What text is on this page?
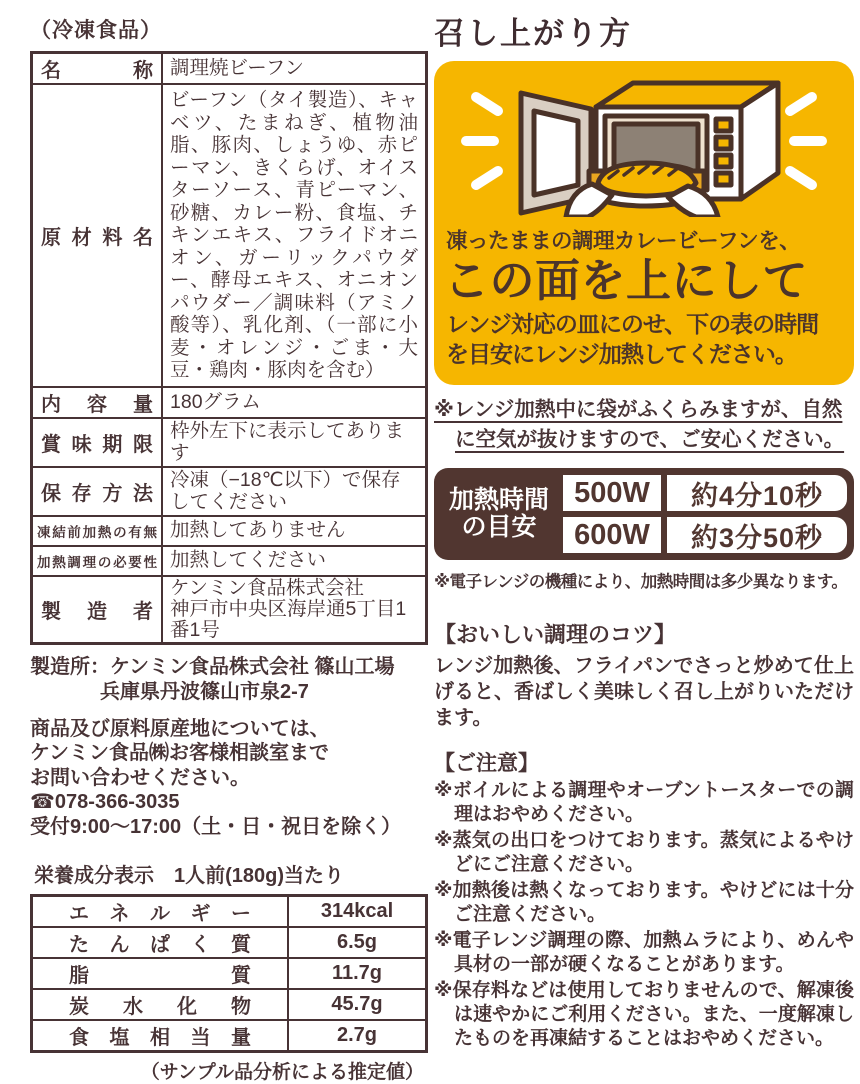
（冷凍食品）
名称	調理焼ビーフン
原材料名	ビーフン（タイ製造）、キャベツ、たまねぎ、植物油脂、豚肉、しょうゆ、赤ピーマン、きくらげ、オイスターソース、青ピーマン、砂糖、カレー粉、食塩、チキンエキス、フライドオニオン、ガーリックパウダー、酵母エキス、オニオンパウダー／調味料（アミノ酸等）、乳化剤、（一部に小麦・オレンジ・ごま・大豆・鶏肉・豚肉を含む）
内容量	180グラム
賞味期限	枠外左下に表示してあります
保存方法	冷凍（−18℃以下）で保存してください
凍結前加熱の有無	加熱してありません
加熱調理の必要性	加熱してください
製造者	ケンミン食品株式会社
神戸市中央区海岸通5丁目1番1号
製造所：ケンミン食品株式会社 篠山工場
兵庫県丹波篠山市泉2-7
商品及び原料原産地については、
ケンミン食品㈱お客様相談室まで
お問い合わせください。
☎078-366-3035
受付9:00～17:00（土・日・祝日を除く）
栄養成分表示　1人前(180g)当たり
エネルギー	314kcal
たんぱく質	6.5g
脂質	11.7g
炭水化物	45.7g
食塩相当量	2.7g
（サンプル品分析による推定値）
召し上がり方
凍ったままの調理カレービーフンを、
この面を上にして
レンジ対応の皿にのせ、下の表の時間
を目安にレンジ加熱してください。
※レンジ加熱中に袋がふくらみますが、自然に空気が抜けますので、ご安心ください。
加熱時間
の目安
500W	約4分10秒
600W	約3分50秒
※電子レンジの機種により、加熱時間は多少異なります。
【おいしい調理のコツ】
レンジ加熱後、フライパンでさっと炒めて仕上げると、香ばしく美味しく召し上がりいただけます。
【ご注意】
※ボイルによる調理やオーブントースターでの調理はおやめください。
※蒸気の出口をつけております。蒸気によるやけどにご注意ください。
※加熱後は熱くなっております。やけどには十分ご注意ください。
※電子レンジ調理の際、加熱ムラにより、めんや具材の一部が硬くなることがあります。
※保存料などは使用しておりませんので、解凍後は速やかにご利用ください。また、一度解凍したものを再凍結することはおやめください。
